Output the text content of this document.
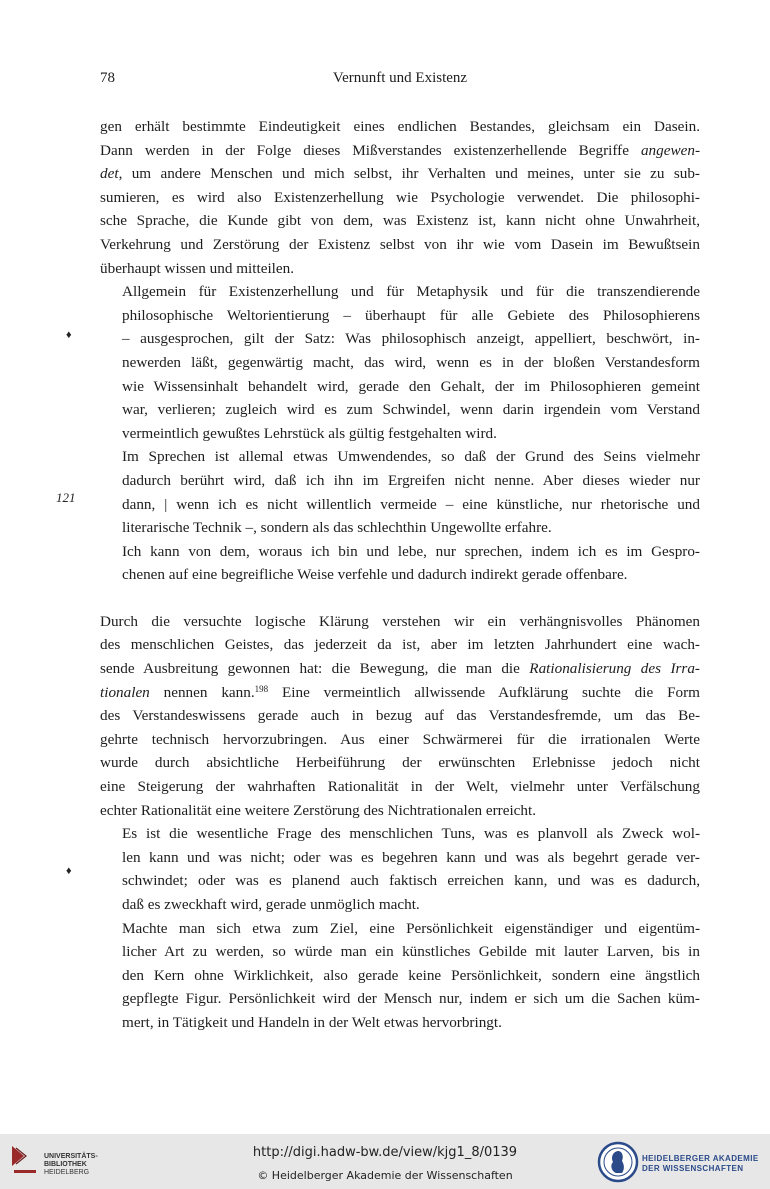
78	Vernunft und Existenz

gen erhält bestimmte Eindeutigkeit eines endlichen Bestandes, gleichsam ein Dasein.
Dann werden in der Folge dieses Mißverstandes existenzerhellende Begriffe angewen-
det, um andere Menschen und mich selbst, ihr Verhalten und meines, unter sie zu sub-
sumieren, es wird also Existenzerhellung wie Psychologie verwendet. Die philosophi-
sche Sprache, die Kunde gibt von dem, was Existenz ist, kann nicht ohne Unwahrheit,
Verkehrung und Zerstörung der Existenz selbst von ihr wie vom Dasein im Bewußtsein
überhaupt wissen und mitteilen.

Allgemein für Existenzerhellung und für Metaphysik und für die transzendierende
philosophische Weltorientierung – überhaupt für alle Gebiete des Philosophierens
– ausgesprochen, gilt der Satz: Was philosophisch anzeigt, appelliert, beschwört, in-
newerden läßt, gegenwärtig macht, das wird, wenn es in der bloßen Verstandesform
wie Wissensinhalt behandelt wird, gerade den Gehalt, der im Philosophieren gemeint
war, verlieren; zugleich wird es zum Schwindel, wenn darin irgendein vom Verstand
vermeintlich gewußtes Lehrstück als gültig festgehalten wird.

Im Sprechen ist allemal etwas Umwendendes, so daß der Grund des Seins vielmehr
dadurch berührt wird, daß ich ihn im Ergreifen nicht nenne. Aber dieses wieder nur
dann, | wenn ich es nicht willentlich vermeide – eine künstliche, nur rhetorische und
literarische Technik –, sondern als das schlechthin Ungewollte erfahre.

Ich kann von dem, woraus ich bin und lebe, nur sprechen, indem ich es im Gespro-
chenen auf eine begreifliche Weise verfehle und dadurch indirekt gerade offenbare.

Durch die versuchte logische Klärung verstehen wir ein verhängnisvolles Phänomen
des menschlichen Geistes, das jederzeit da ist, aber im letzten Jahrhundert eine wach-
sende Ausbreitung gewonnen hat: die Bewegung, die man die Rationalisierung des Irra-
tionalen nennen kann.$^{198}$ Eine vermeintlich allwissende Aufklärung suchte die Form
des Verstandeswissens gerade auch in bezug auf das Verstandesfremde, um das Be-
gehrte technisch hervorzubringen. Aus einer Schwärmerei für die irrationalen Werte
wurde durch absichtliche Herbeiführung der erwünschten Erlebnisse jedoch nicht
eine Steigerung der wahrhaften Rationalität in der Welt, vielmehr unter Verfälschung
echter Rationalität eine weitere Zerstörung des Nichtrationalen erreicht.

Es ist die wesentliche Frage des menschlichen Tuns, was es planvoll als Zweck wol-
len kann und was nicht; oder was es begehren kann und was als begehrt gerade ver-
schwindet; oder was es planend auch faktisch erreichen kann, und was es dadurch,
daß es zweckhaft wird, gerade unmöglich macht.

Machte man sich etwa zum Ziel, eine Persönlichkeit eigenständiger und eigentüm-
licher Art zu werden, so würde man ein künstliches Gebilde mit lauter Larven, bis in
den Kern ohne Wirklichkeit, also gerade keine Persönlichkeit, sondern eine ängstlich
gepflegte Figur. Persönlichkeit wird der Mensch nur, indem er sich um die Sachen küm-
mert, in Tätigkeit und Handeln in der Welt etwas hervorbringt.

♦
121
♦
UNIVERSITÄTS-
BIBLIOTHEK
HEIDELBERG
http://digi.hadw-bw.de/view/kjg1_8/0139
© Heidelberger Akademie der Wissenschaften
HEIDELBERGER AKADEMIE
DER WISSENSCHAFTEN
